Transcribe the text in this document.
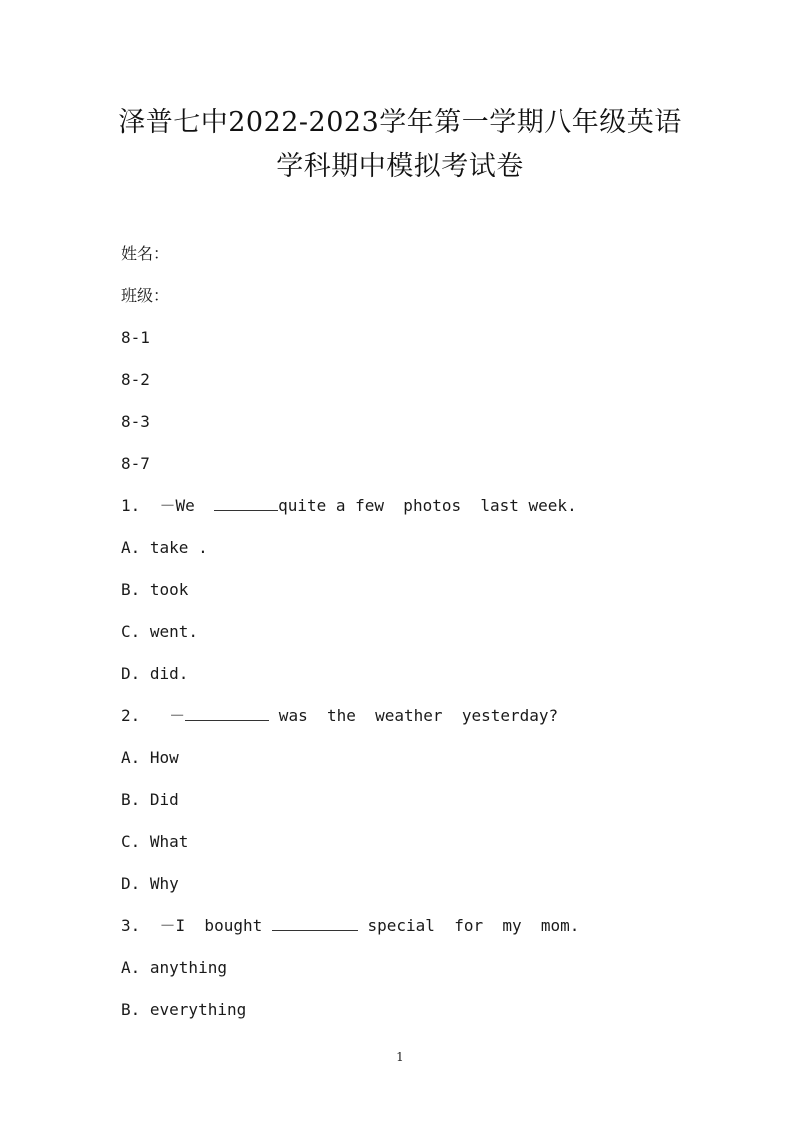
泽普七中2022-2023学年第一学期八年级英语
学科期中模拟考试卷
姓名：
班级：
8-1
8-2
8-3
8-7
1. －We	quite a few  photos  last week.
A. take .
B. took
C. went.
D. did.
2.   －	was  the  weather  yesterday?
A. How
B. Did
C. What
D. Why
3. －I  bought	special  for  my  mom.
A. anything
B. everything
1
